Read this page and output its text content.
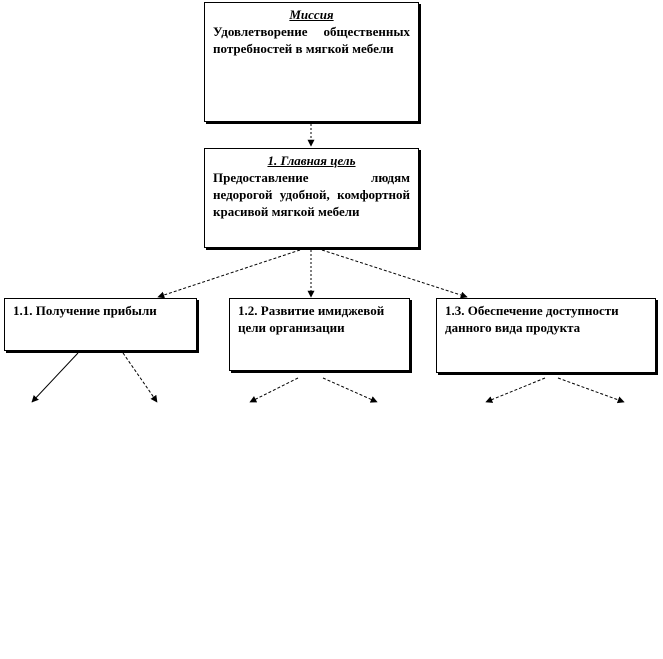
Миссия
Удовлетворение общественных потребностей в мягкой мебели
1. Главная цель
Предоставление людям недорогой удобной, комфортной красивой мягкой мебели
1.1. Получение прибыли	1.2. Развитие имиджевой цели организации
1.3. Обеспечение доступности данного вида продукта
